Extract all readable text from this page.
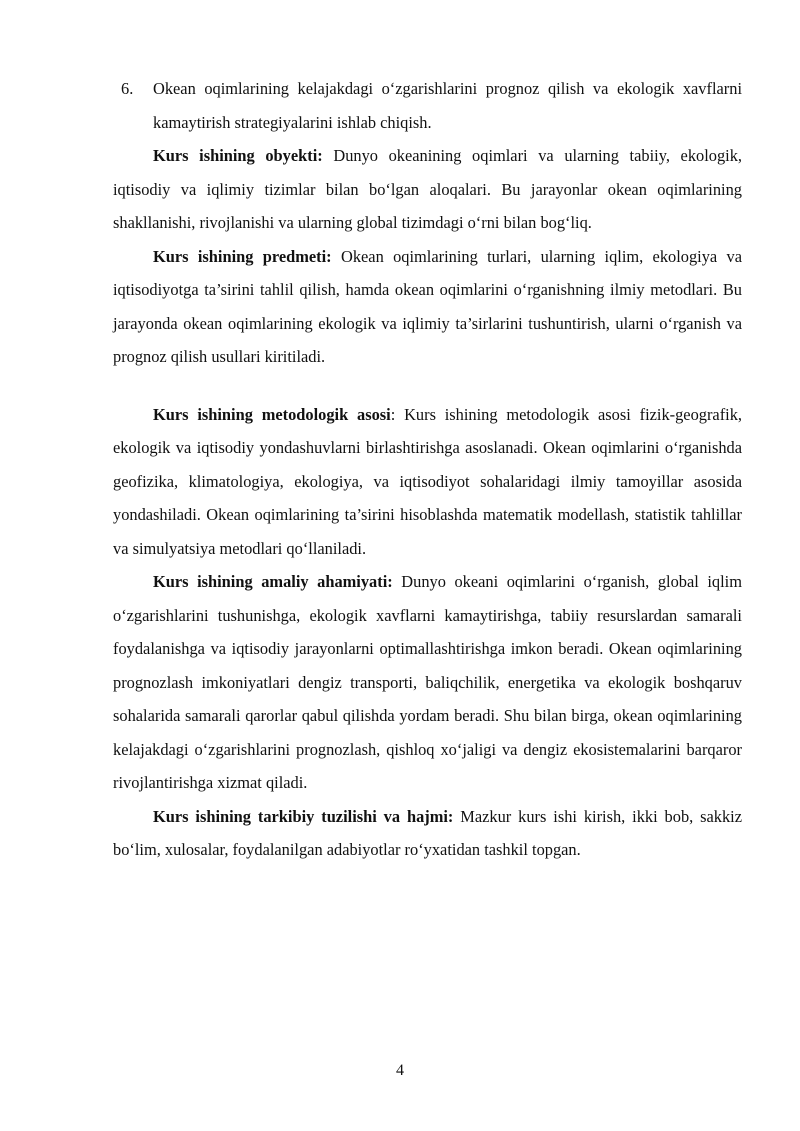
6. Okean oqimlarining kelajakdagi o‘zgarishlarini prognoz qilish va ekologik xavflarni kamaytirish strategiyalarini ishlab chiqish.

Kurs ishining obyekti: Dunyo okeanining oqimlari va ularning tabiiy, ekologik, iqtisodiy va iqlimiy tizimlar bilan bo‘lgan aloqalari. Bu jarayonlar okean oqimlarining shakllanishi, rivojlanishi va ularning global tizimdagi o‘rni bilan bog‘liq.

Kurs ishining predmeti: Okean oqimlarining turlari, ularning iqlim, ekologiya va iqtisodiyotga ta’sirini tahlil qilish, hamda okean oqimlarini o‘rganishning ilmiy metodlari. Bu jarayonda okean oqimlarining ekologik va iqlimiy ta’sirlarini tushuntirish, ularni o‘rganish va prognoz qilish usullari kiritiladi.

Kurs ishining metodologik asosi: Kurs ishining metodologik asosi fizik-geografik, ekologik va iqtisodiy yondashuvlarni birlashtirishga asoslanadi. Okean oqimlarini o‘rganishda geofizika, klimatologiya, ekologiya, va iqtisodiyot sohalaridagi ilmiy tamoyillar asosida yondashiladi. Okean oqimlarining ta’sirini hisoblashda matematik modellash, statistik tahlillar va simulyatsiya metodlari qo‘llaniladi.

Kurs ishining amaliy ahamiyati: Dunyo okeani oqimlarini o‘rganish, global iqlim o‘zgarishlarini tushunishga, ekologik xavflarni kamaytirishga, tabiiy resurslardan samarali foydalanishga va iqtisodiy jarayonlarni optimallashtirishga imkon beradi. Okean oqimlarining prognozlash imkoniyatlari dengiz transporti, baliqchilik, energetika va ekologik boshqaruv sohalarida samarali qarorlar qabul qilishda yordam beradi. Shu bilan birga, okean oqimlarining kelajakdagi o‘zgarishlarini prognozlash, qishloq xo‘jaligi va dengiz ekosistemalarini barqaror rivojlantirishga xizmat qiladi.

Kurs ishining tarkibiy tuzilishi va hajmi: Mazkur kurs ishi kirish, ikki bob, sakkiz bo‘lim, xulosalar, foydalanilgan adabiyotlar ro‘yxatidan tashkil topgan.

4
